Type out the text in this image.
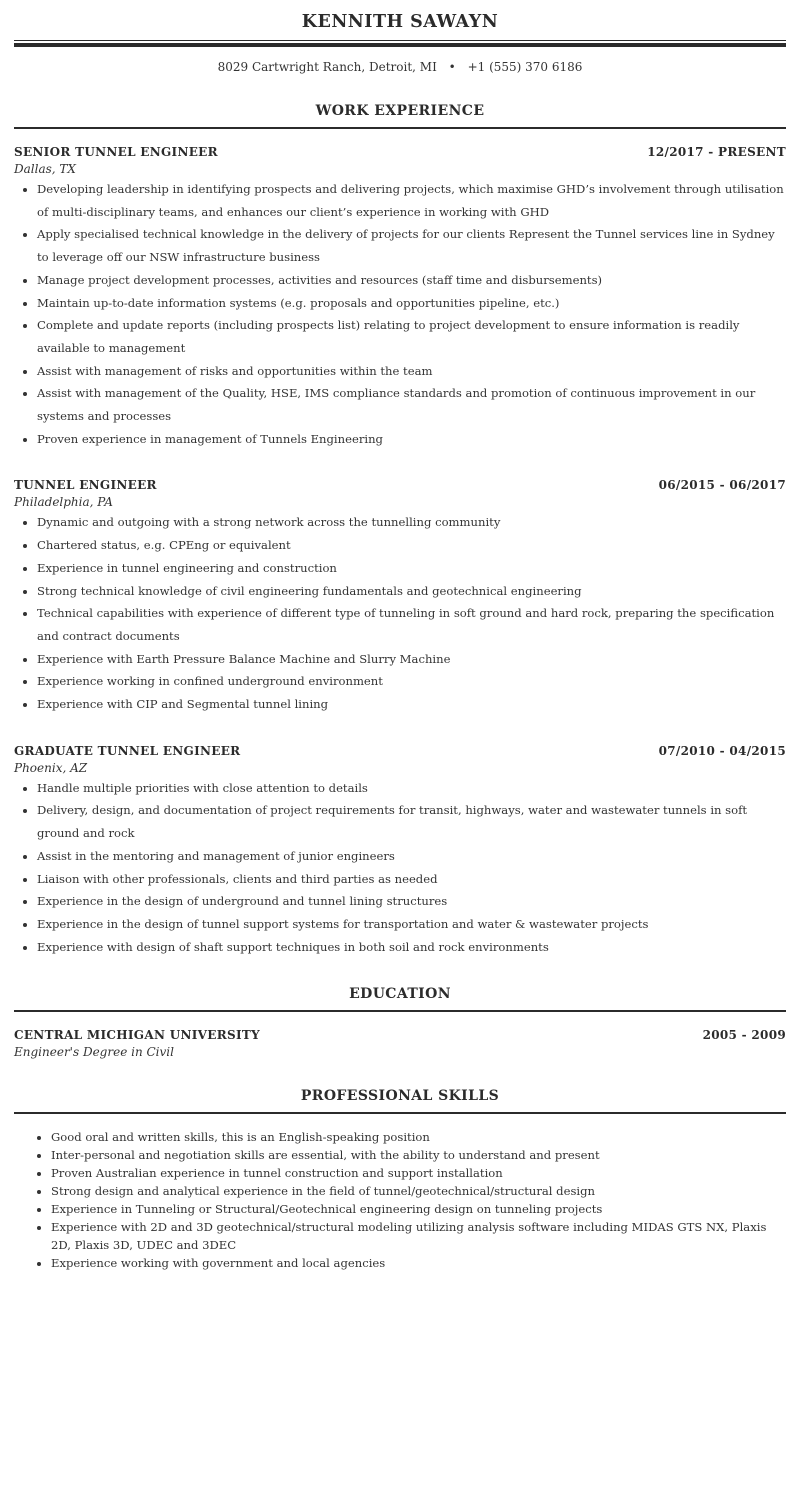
KENNITH SAWAYN
8029 Cartwright Ranch, Detroit, MI • +1 (555) 370 6186
WORK EXPERIENCE
SENIOR TUNNEL ENGINEER	12/2017 - PRESENT
Dallas, TX
• Developing leadership in identifying prospects and delivering projects, which maximise GHD’s involvement through utilisation of multi-disciplinary teams, and enhances our client’s experience in working with GHD
• Apply specialised technical knowledge in the delivery of projects for our clients Represent the Tunnel services line in Sydney to leverage off our NSW infrastructure business
• Manage project development processes, activities and resources (staff time and disbursements)
• Maintain up-to-date information systems (e.g. proposals and opportunities pipeline, etc.)
• Complete and update reports (including prospects list) relating to project development to ensure information is readily available to management
• Assist with management of risks and opportunities within the team
• Assist with management of the Quality, HSE, IMS compliance standards and promotion of continuous improvement in our systems and processes
• Proven experience in management of Tunnels Engineering
TUNNEL ENGINEER	06/2015 - 06/2017
Philadelphia, PA
• Dynamic and outgoing with a strong network across the tunnelling community
• Chartered status, e.g. CPEng or equivalent
• Experience in tunnel engineering and construction
• Strong technical knowledge of civil engineering fundamentals and geotechnical engineering
• Technical capabilities with experience of different type of tunneling in soft ground and hard rock, preparing the specification and contract documents
• Experience with Earth Pressure Balance Machine and Slurry Machine
• Experience working in confined underground environment
• Experience with CIP and Segmental tunnel lining
GRADUATE TUNNEL ENGINEER	07/2010 - 04/2015
Phoenix, AZ
• Handle multiple priorities with close attention to details
• Delivery, design, and documentation of project requirements for transit, highways, water and wastewater tunnels in soft ground and rock
• Assist in the mentoring and management of junior engineers
• Liaison with other professionals, clients and third parties as needed
• Experience in the design of underground and tunnel lining structures
• Experience in the design of tunnel support systems for transportation and water & wastewater projects
• Experience with design of shaft support techniques in both soil and rock environments
EDUCATION
CENTRAL MICHIGAN UNIVERSITY	2005 - 2009
Engineer's Degree in Civil
PROFESSIONAL SKILLS
• Good oral and written skills, this is an English-speaking position
• Inter-personal and negotiation skills are essential, with the ability to understand and present
• Proven Australian experience in tunnel construction and support installation
• Strong design and analytical experience in the field of tunnel/geotechnical/structural design
• Experience in Tunneling or Structural/Geotechnical engineering design on tunneling projects
• Experience with 2D and 3D geotechnical/structural modeling utilizing analysis software including MIDAS GTS NX, Plaxis 2D, Plaxis 3D, UDEC and 3DEC
• Experience working with government and local agencies
